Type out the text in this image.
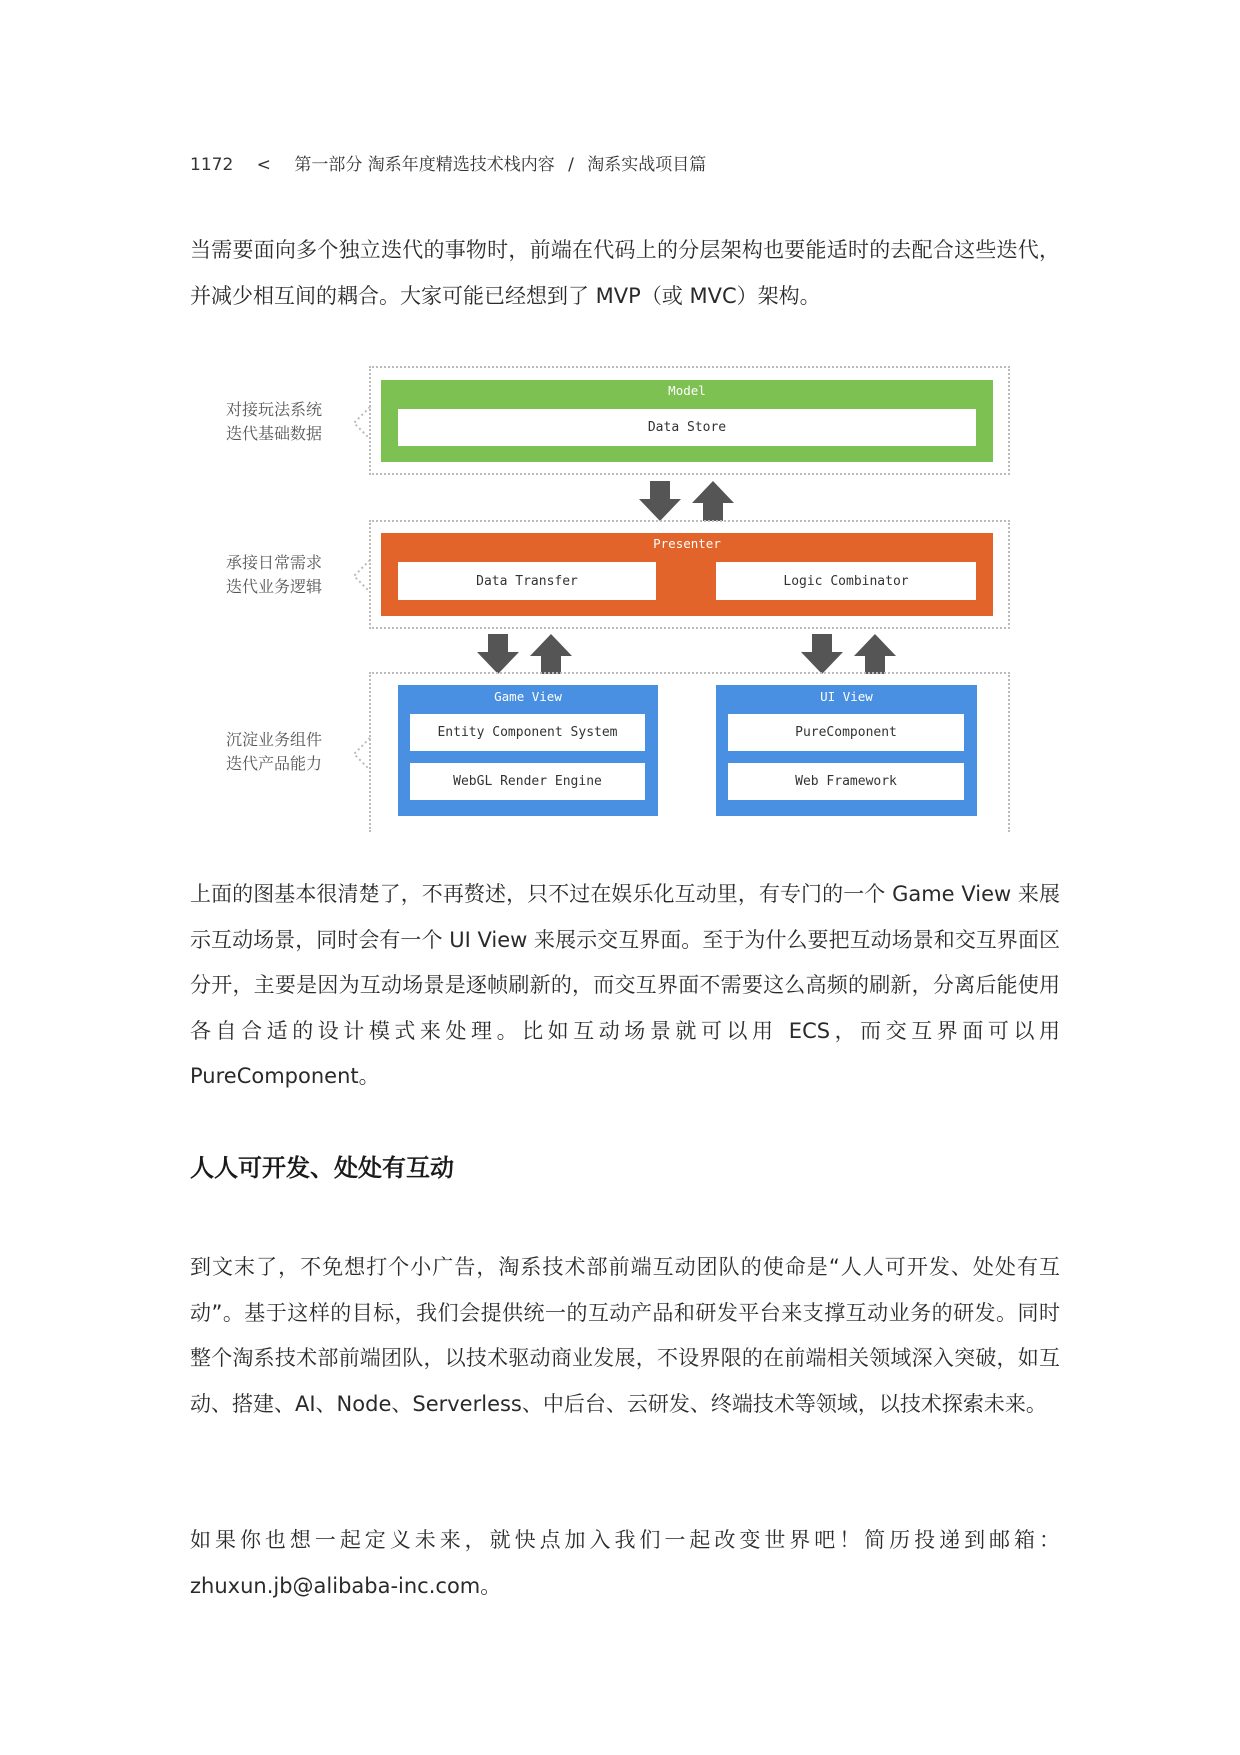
1172 < 第一部分 淘系年度精选技术栈内容 / 淘系实战项目篇

当需要面向多个独立迭代的事物时，前端在代码上的分层架构也要能适时的去配合这些迭代，并减少相互间的耦合。大家可能已经想到了 MVP（或 MVC）架构。

对接玩法系统
迭代基础数据
Model
Data Store
承接日常需求
迭代业务逻辑
Presenter
Data Transfer	Logic Combinator
沉淀业务组件
迭代产品能力
Game View
Entity Component System
WebGL Render Engine
UI View
PureComponent
Web Framework

上面的图基本很清楚了，不再赘述，只不过在娱乐化互动里，有专门的一个 Game View 来展示互动场景，同时会有一个 UI View 来展示交互界面。至于为什么要把互动场景和交互界面区分开，主要是因为互动场景是逐帧刷新的，而交互界面不需要这么高频的刷新，分离后能使用各自合适的设计模式来处理。比如互动场景就可以用 ECS，而交互界面可以用 PureComponent。

人人可开发、处处有互动

到文末了，不免想打个小广告，淘系技术部前端互动团队的使命是“人人可开发、处处有互动”。基于这样的目标，我们会提供统一的互动产品和研发平台来支撑互动业务的研发。同时整个淘系技术部前端团队，以技术驱动商业发展，不设界限的在前端相关领域深入突破，如互动、搭建、AI、Node、Serverless、中后台、云研发、终端技术等领域，以技术探索未来。

如果你也想一起定义未来，就快点加入我们一起改变世界吧！简历投递到邮箱：zhuxun.jb@alibaba-inc.com。
